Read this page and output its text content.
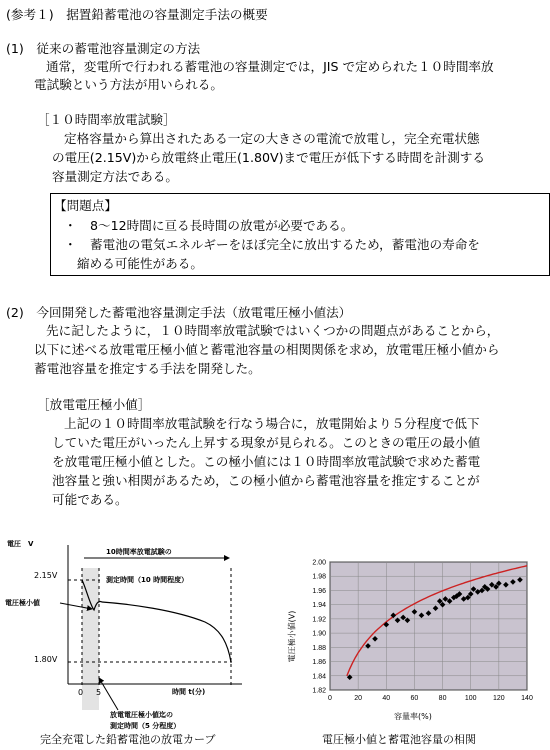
(参考１)　据置鉛蓄電池の容量測定手法の概要
(1)　従来の蓄電池容量測定の方法
通常，変電所で行われる蓄電池の容量測定では，JIS で定められた１０時間率放
電試験という方法が用いられる。
［１０時間率放電試験］
定格容量から算出されたある一定の大きさの電流で放電し，完全充電状態
の電圧(2.15V)から放電終止電圧(1.80V)まで電圧が低下する時間を計測する
容量測定方法である。
【問題点】
・ 8～12時間に亘る長時間の放電が必要である。
・ 蓄電池の電気エネルギーをほぼ完全に放出するため，蓄電池の寿命を
縮める可能性がある。
(2)　今回開発した蓄電池容量測定手法（放電電圧極小値法）
先に記したように，１０時間率放電試験ではいくつかの問題点があることから，
以下に述べる放電電圧極小値と蓄電池容量の相関関係を求め，放電電圧極小値から
蓄電池容量を推定する手法を開発した。
［放電電圧極小値］
上記の１０時間率放電試験を行なう場合に，放電開始より５分程度で低下
していた電圧がいったん上昇する現象が見られる。このときの電圧の最小値
を放電電圧極小値とした。この極小値には１０時間率放電試験で求めた蓄電
池容量と強い相関があるため，この極小値から蓄電池容量を推定することが
可能である。
電圧　V
2.15V
1.80V
0 5	時間 t(分)
10時間率放電試験の
測定時間（10 時間程度）
電圧極小値
放電電圧極小値迄の
測定時間（5 分程度）
完全充電した鉛蓄電池の放電カーブ
1.82
1.84
1.86
1.88
1.90
1.92
1.94
1.96
1.98
2.00
0	20	40	60	80	100 120 140
容量率(%)
電圧極小値(V)
電圧極小値と蓄電池容量の相関
